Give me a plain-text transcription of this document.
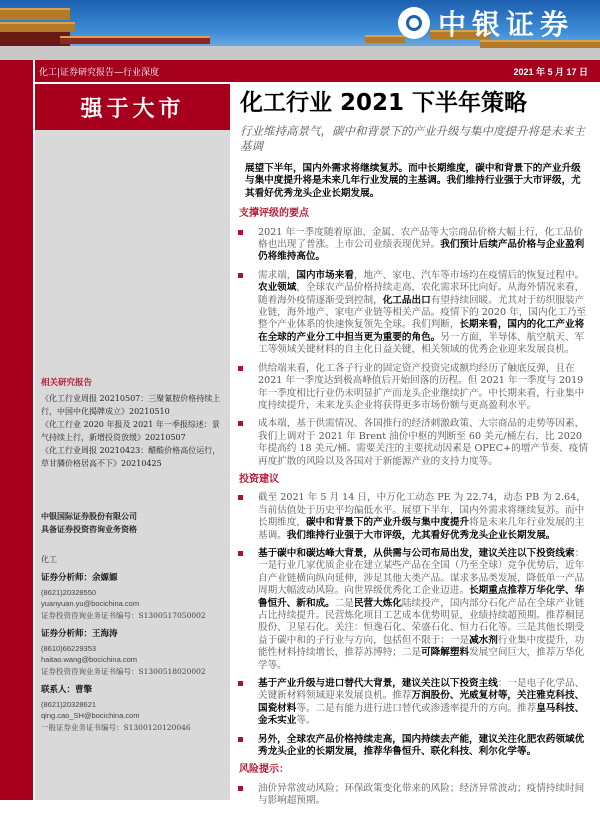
中银证券
化工|证券研究报告—行业深度	2021 年 5 月 17 日
强于大市	化工行业 2021 下半年策略
行业维持高景气，碳中和背景下的产业升级与集中度提升将是未来主基调
相关研究报告

《化工行业周报 20210507：三聚氰胺价格持续上行，中国中化揭牌成立》20210510

《化工行业 2020 年报及 2021 年一季报综述：景气持续上行，新增投资放缓》20210507

《化工行业周报 20210423：醋酸价格高位运行，草甘膦价格居高不下》20210425

中银国际证券股份有限公司
具备证券投资咨询业务资格
化工
证券分析师：余嫄嫄
(8621)20328550
yuanyuan.yu@bocichina.com
证券投资咨询业务证书编号：S1300517050002
证券分析师：王海涛
(8610)66229353
haitao.wang@bocichina.com
证券投资咨询业务证书编号：S1300518020002
联系人：曹擎
(8621)20328621
qing.cao_SH@bocichina.com
一般证券业务证书编号：S1300120120046
展望下半年，国内外需求将继续复苏。而中长期维度，碳中和背景下的产业升级与集中度提升将是未来几年行业发展的主基调。我们维持行业强于大市评级，尤其看好优秀龙头企业长期发展。
支撑评级的要点
2021 年一季度随着原油、金属、农产品等大宗商品价格大幅上行，化工品价格也出现了普涨。上市公司业绩表现优异。我们预计后续产品价格与企业盈利仍将维持高位。
需求端，国内市场来看，地产、家电、汽车等市场均在疫情后的恢复过程中。农业领域，全球农产品价格持续走高，农化需求环比向好。从海外情况来看，随着海外疫情逐渐受到控制，化工品出口有望持续回暖。尤其对于纺织服装产业链，海外地产、家电产业链等相关产品。疫情下的 2020 年，国内化工乃至整个产业体系的快速恢复领先全球。我们判断，长期来看，国内的化工产业将在全球的产业分工中担当更为重要的角色。另一方面，半导体、航空航天、军工等领域关键材料的自主化日益关键，相关领域的优秀企业迎来发展良机。
供给端来看，化工各子行业的固定资产投资完成额均经历了触底反弹，且在 2021 年一季度达到极高峰值后开始回落的历程。但 2021 年一季度与 2019 年一季度相比行业仍未明显扩产而龙头企业继续扩产。中长期来看，行业集中度持续提升，未来龙头企业将获得更多市场份额与更高盈利水平。
成本端，基于供需情况、各国推行的经济刺激政策、大宗商品的走势等因素，我们上调对于 2021 年 Brent 油价中枢的判断至 60 美元/桶左右，比 2020 年提高约 18 美元/桶。需要关注的主要扰动因素是 OPEC+的增产节奏、疫情再度扩散的风险以及各国对于新能源产业的支持力度等。
投资建议
截至 2021 年 5 月 14 日，中万化工动态 PE 为 22.74，动态 PB 为 2.64，当前估值处于历史平均偏低水平。展望下半年，国内外需求将继续复苏。而中长期维度，碳中和背景下的产业升级与集中度提升将是未来几年行业发展的主基调。我们维持行业强于大市评级，尤其看好优秀龙头企业长期发展。
基于碳中和碳达峰大背景，从供需与公司布局出发，建议关注以下投资线索：一是行业几家优质企业在建立某些产品在全国（乃至全球）竞争优势后，近年自产业链横向纵向延伸，涉足其他大类产品。谋求多品类发展，降低单一产品周期大幅波动风险。向世界级优秀化工企业迈进。长期重点推荐万华化学、华鲁恒升、新和成。二是民营大炼化陆续投产，国内部分石化产品在全球产业链占比持续提升。民营炼化项目工艺成本优势明显，业绩持续超预期。推荐桐昆股份、卫星石化。关注：恒逸石化、荣盛石化、恒力石化等。三是其他长期受益于碳中和的子行业与方向，包括但不限于：一是减水剂行业集中度提升，功能性材料持续增长，推荐苏博特；二是可降解塑料发展空间巨大，推荐万华化学等。
基于产业升级与进口替代大背景，建议关注以下投资主线：一是电子化学品、关键新材料领域迎来发展良机。推荐万润股份、光威复材等，关注雅克科技、国瓷材料等。二是有能力进行进口替代或渗透率提升的方向。推荐皇马科技、金禾实业等。
另外，全球农产品价格持续走高，国内持续去产能，建议关注化肥农药领域优秀龙头企业的长期发展，推荐华鲁恒升、联化科技、利尔化学等。
风险提示：
油价异常波动风险；环保政策变化带来的风险；经济异常波动；疫情持续时间与影响超预期。
